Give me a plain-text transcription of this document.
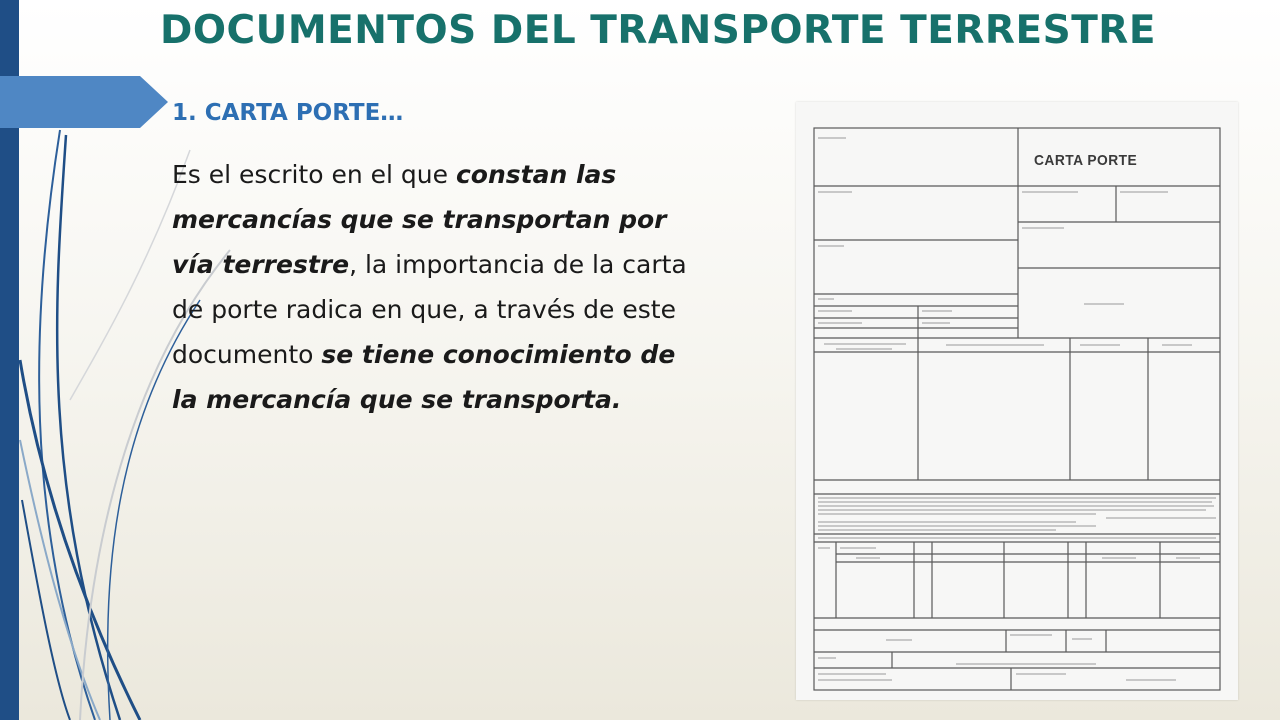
DOCUMENTOS DEL TRANSPORTE TERRESTRE
1. CARTA PORTE…
Es el escrito en el que constan las mercancías que se transportan por vía terrestre, la importancia de la carta de porte radica en que, a través de este documento se tiene conocimiento de la mercancía que se transporta.
CARTA PORTE
